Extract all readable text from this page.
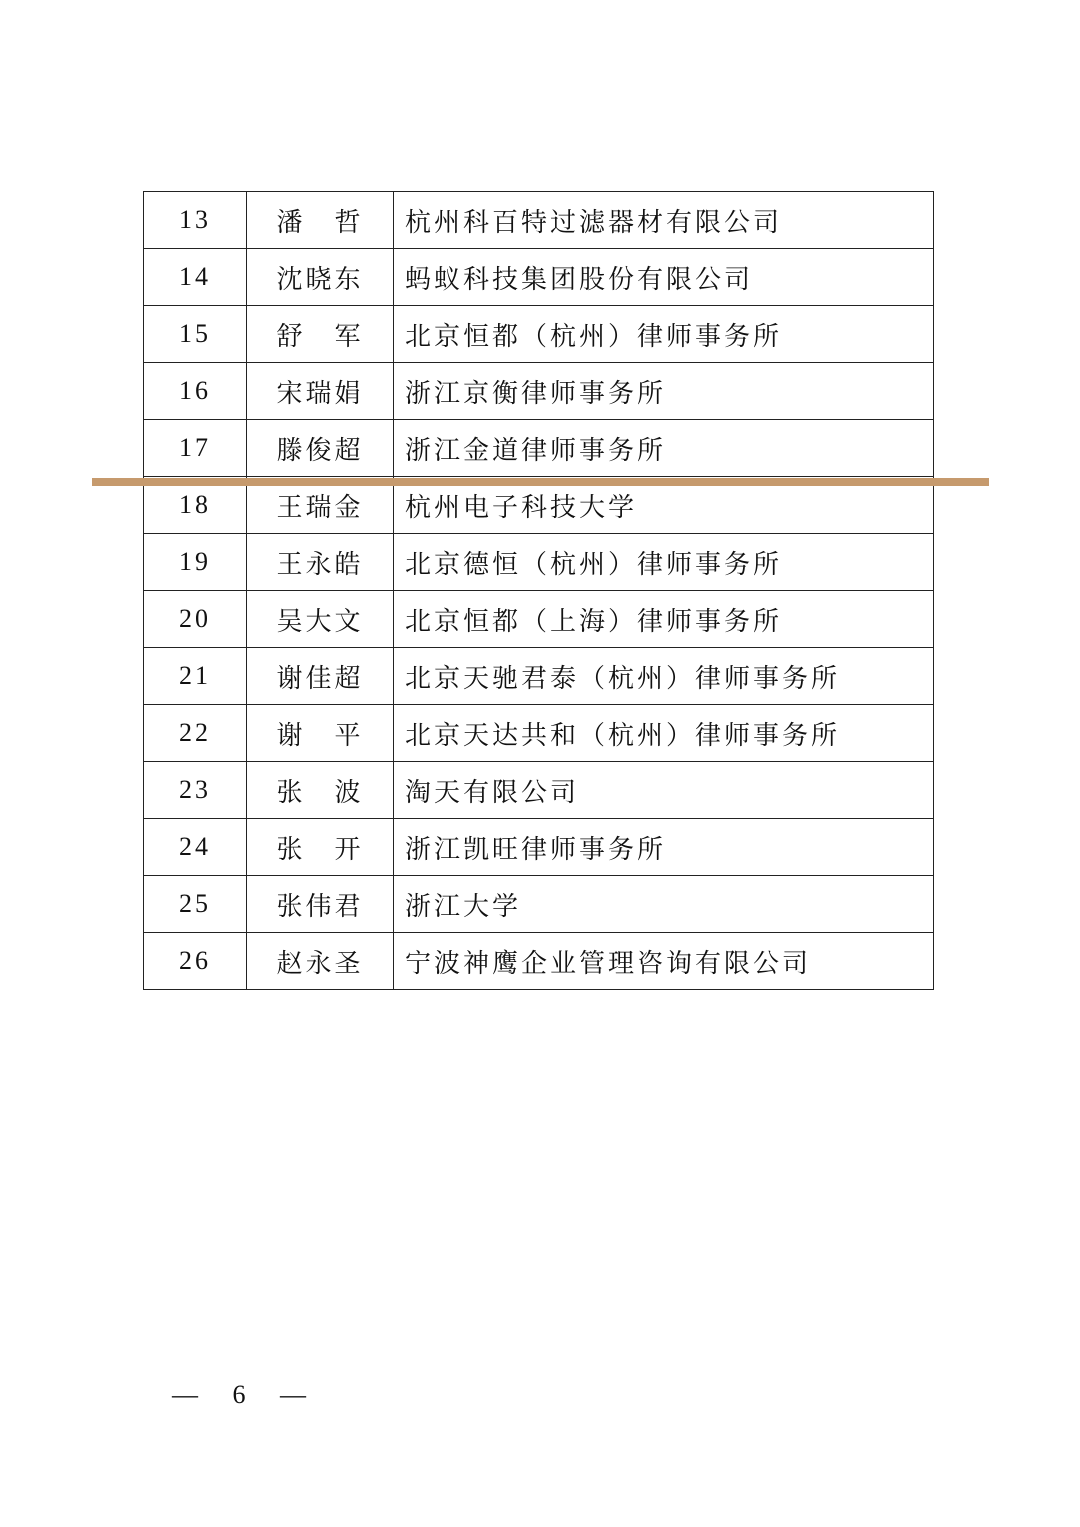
13	潘　哲	杭州科百特过滤器材有限公司
14	沈晓东	蚂蚁科技集团股份有限公司
15	舒　军	北京恒都（杭州）律师事务所
16	宋瑞娟	浙江京衡律师事务所
17	滕俊超	浙江金道律师事务所
18	王瑞金	杭州电子科技大学
19	王永皓	北京德恒（杭州）律师事务所
20	吴大文	北京恒都（上海）律师事务所
21	谢佳超	北京天驰君泰（杭州）律师事务所
22	谢　平	北京天达共和（杭州）律师事务所
23	张　波	淘天有限公司
24	张　开	浙江凯旺律师事务所
25	张伟君	浙江大学
26	赵永圣	宁波神鹰企业管理咨询有限公司
— 6 —
